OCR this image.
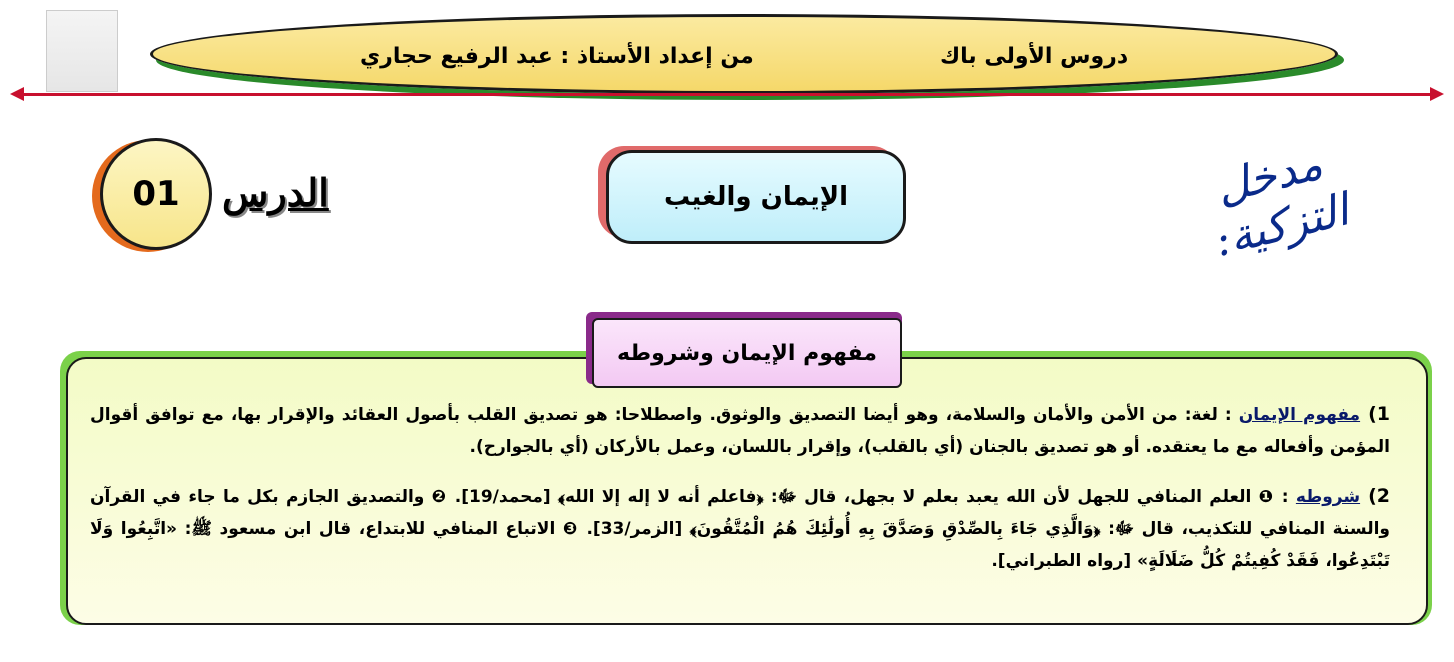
دروس الأولى باك
من إعداد الأستاذ : عبد الرفيع حجاري
01	الدرس	الإيمان والغيب	مدخل التزكية:
مفهوم الإيمان وشروطه
1)مفهوم الإيمان : لغة: من الأمن والأمان والسلامة، وهو أيضا التصديق والوثوق. واصطلاحا: هو تصديق القلب بأصول العقائد والإقرار بها، مع توافق أقوال المؤمن وأفعاله مع ما يعتقده. أو هو تصديق بالجنان (أي بالقلب)، وإقرار باللسان، وعمل بالأركان (أي بالجوارح).
2)شروطه : ❶ العلم المنافي للجهل لأن الله يعبد بعلم لا بجهل، قال ﷻ: ﴿فاعلم أنه لا إله إلا الله﴾ [محمد/19]. ❷ والتصديق الجازم بكل ما جاء في القرآن والسنة المنافي للتكذيب، قال ﷻ: ﴿وَالَّذِي جَاءَ بِالصِّدْقِ وَصَدَّقَ بِهِ أُولَٰئِكَ هُمُ الْمُتَّقُونَ﴾ [الزمر/33]. ❸ الاتباع المنافي للابتداع، قال ابن مسعود ﷺ: «اتَّبِعُوا وَلَا تَبْتَدِعُوا، فَقَدْ كُفِيتُمْ كُلُّ ضَلَالَةٍ» [رواه الطبراني].
